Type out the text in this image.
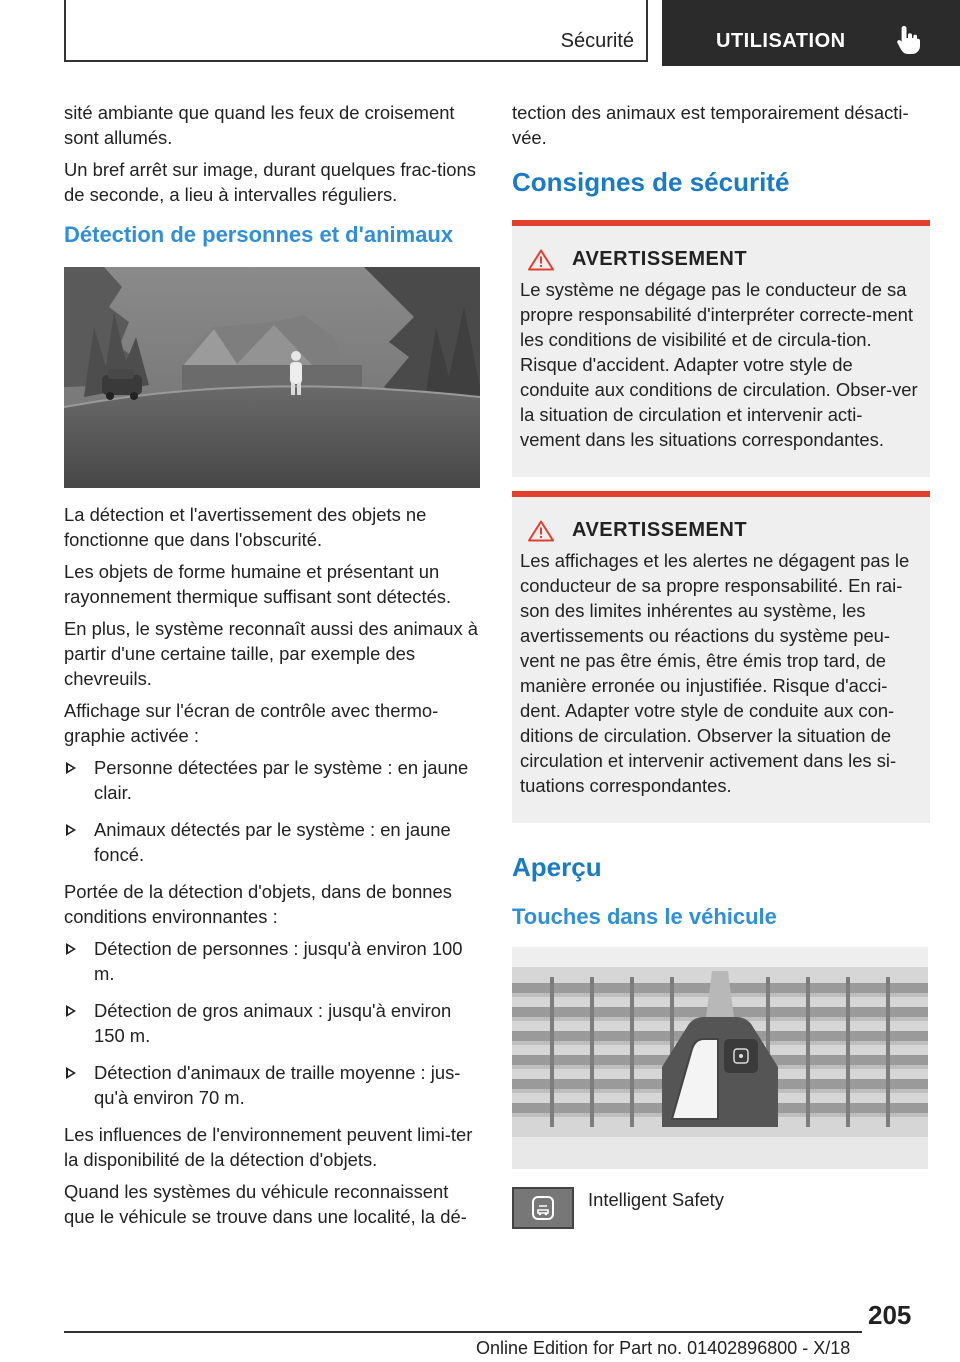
Sécurité	UTILISATION

sité ambiante que quand les feux de croisement sont allumés.

Un bref arrêt sur image, durant quelques frac-tions de seconde, a lieu à intervalles réguliers.

Détection de personnes et d'animaux

La détection et l'avertissement des objets ne fonctionne que dans l'obscurité.

Les objets de forme humaine et présentant un rayonnement thermique suffisant sont détectés.

En plus, le système reconnaît aussi des animaux à partir d'une certaine taille, par exemple des chevreuils.

Affichage sur l'écran de contrôle avec thermo-graphie activée :

Personne détectées par le système : en jaune clair.
Animaux détectés par le système : en jaune foncé.

Portée de la détection d'objets, dans de bonnes conditions environnantes :

Détection de personnes : jusqu'à environ 100 m.
Détection de gros animaux : jusqu'à environ 150 m.
Détection d'animaux de traille moyenne : jus-qu'à environ 70 m.

Les influences de l'environnement peuvent limi-ter la disponibilité de la détection d'objets.

Quand les systèmes du véhicule reconnaissent que le véhicule se trouve dans une localité, la dé-

tection des animaux est temporairement désacti-vée.

Consignes de sécurité
AVERTISSEMENT

Le système ne dégage pas le conducteur de sa propre responsabilité d'interpréter correcte-ment les conditions de visibilité et de circula-tion. Risque d'accident. Adapter votre style de conduite aux conditions de circulation. Obser-ver la situation de circulation et intervenir acti-vement dans les situations correspondantes.

AVERTISSEMENT

Les affichages et les alertes ne dégagent pas le conducteur de sa propre responsabilité. En rai-son des limites inhérentes au système, les avertissements ou réactions du système peu-vent ne pas être émis, être émis trop tard, de manière erronée ou injustifiée. Risque d'acci-dent. Adapter votre style de conduite aux con-ditions de circulation. Observer la situation de circulation et intervenir activement dans les si-tuations correspondantes.

Aperçu
Touches dans le véhicule
Intelligent Safety
205
Online Edition for Part no. 01402896800 - X/18
